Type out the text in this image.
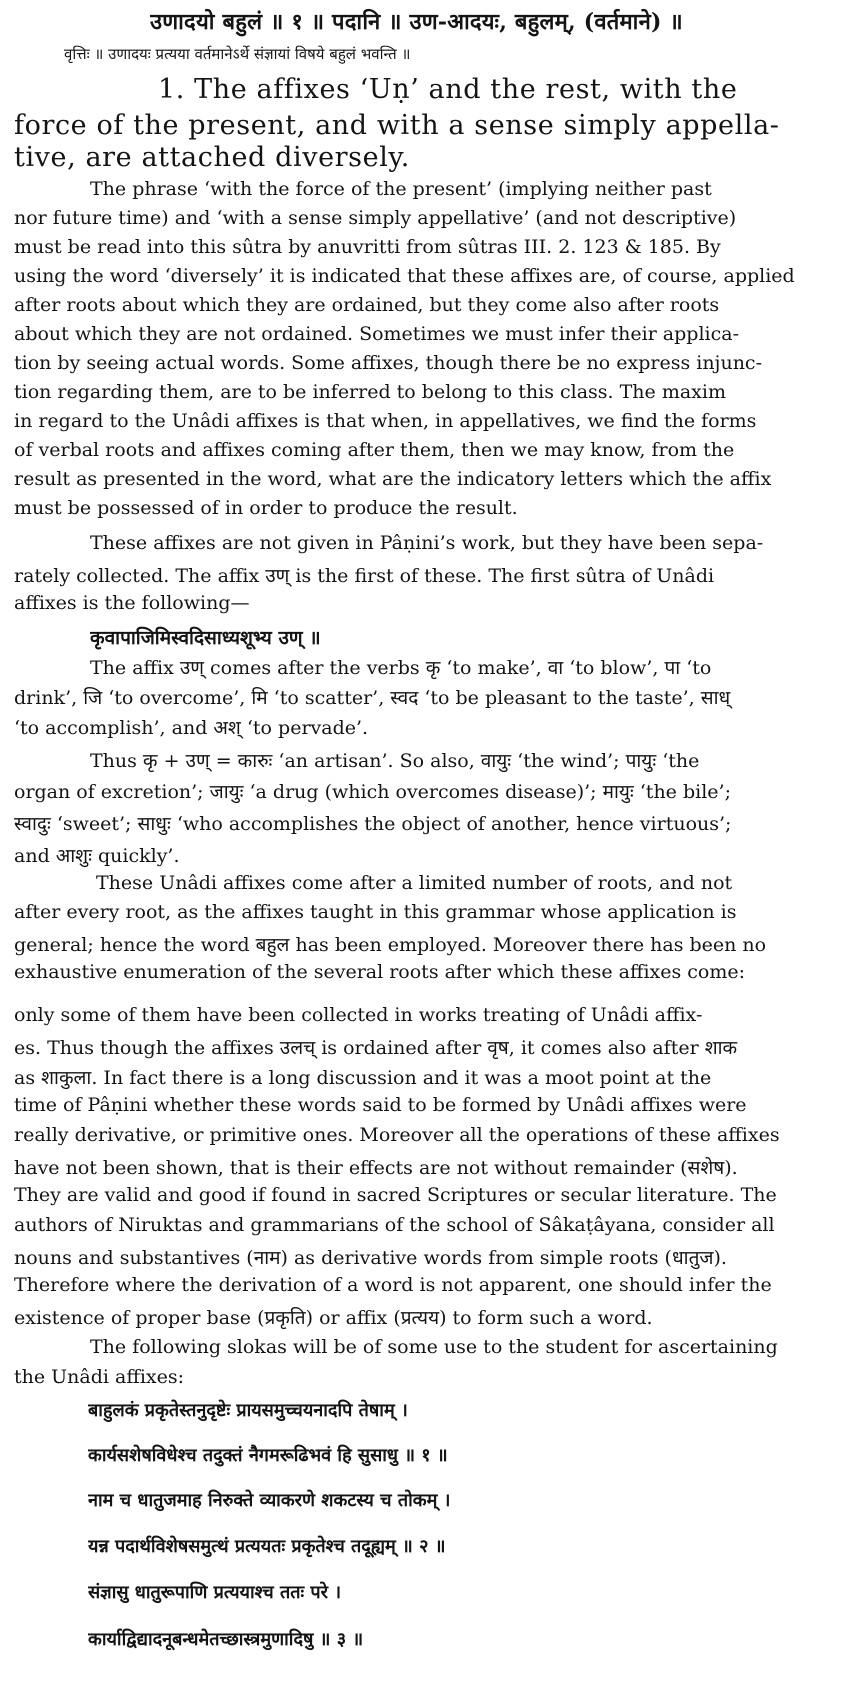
उणादयो बहुलं ॥ १ ॥ पदानि ॥ उण-आदयः, बहुलम्, (वर्तमाने) ॥
वृत्तिः ॥ उणादयः प्रत्यया वर्तमानेऽर्थे संज्ञायां विषये बहुलं भवन्ति ॥
1. The affixes ‘Uṇ’ and the rest, with the
force of the present, and with a sense simply appella-
tive, are attached diversely.
The phrase ‘with the force of the present’ (implying neither past
nor future time) and ‘with a sense simply appellative’ (and not descriptive)
must be read into this sûtra by anuvritti from sûtras III. 2. 123 & 185. By
using the word ‘diversely’ it is indicated that these affixes are, of course, applied
after roots about which they are ordained, but they come also after roots
about which they are not ordained. Sometimes we must infer their applica-
tion by seeing actual words. Some affixes, though there be no express injunc-
tion regarding them, are to be inferred to belong to this class. The maxim
in regard to the Unâdi affixes is that when, in appellatives, we find the forms
of verbal roots and affixes coming after them, then we may know, from the
result as presented in the word, what are the indicatory letters which the affix
must be possessed of in order to produce the result.
These affixes are not given in Pâṇini’s work, but they have been sepa-
rately collected. The affix उण् is the first of these. The first sûtra of Unâdi
affixes is the following—
कृवापाजिमिस्वदिसाध्यशूभ्य उण् ॥
The affix उण् comes after the verbs कृ ‘to make’, वा ‘to blow’, पा ‘to
drink’, जि ‘to overcome’, मि ‘to scatter’, स्वद ‘to be pleasant to the taste’, साध्
‘to accomplish’, and अश् ‘to pervade’.
Thus कृ + उण् = कारुः ‘an artisan’. So also, वायुः ‘the wind’; पायुः ‘the
organ of excretion’; जायुः ‘a drug (which overcomes disease)’; मायुः ‘the bile’;
स्वादुः ‘sweet’; साधुः ‘who accomplishes the object of another, hence virtuous’;
and आशुः quickly’.
These Unâdi affixes come after a limited number of roots, and not
after every root, as the affixes taught in this grammar whose application is
general; hence the word बहुल has been employed. Moreover there has been no
exhaustive enumeration of the several roots after which these affixes come:
only some of them have been collected in works treating of Unâdi affix-
es. Thus though the affixes उलच् is ordained after वृष, it comes also after शाक
as शाकुला. In fact there is a long discussion and it was a moot point at the
time of Pâṇini whether these words said to be formed by Unâdi affixes were
really derivative, or primitive ones. Moreover all the operations of these affixes
have not been shown, that is their effects are not without remainder (सशेष).
They are valid and good if found in sacred Scriptures or secular literature. The
authors of Niruktas and grammarians of the school of Sâkaṭâyana, consider all
nouns and substantives (नाम) as derivative words from simple roots (धातुज).
Therefore where the derivation of a word is not apparent, one should infer the
existence of proper base (प्रकृति) or affix (प्रत्यय) to form such a word.
The following slokas will be of some use to the student for ascertaining
the Unâdi affixes:
बाहुलकं प्रकृतेस्तनुदृष्टेः प्रायसमुच्चयनादपि तेषाम् ।
कार्यसशेषविधेश्च तदुक्तं नैगमरूढिभवं हि सुसाधु ॥ १ ॥
नाम च धातुजमाह निरुक्ते व्याकरणे शकटस्य च तोकम् ।
यन्न पदार्थविशेषसमुत्थं प्रत्ययतः प्रकृतेश्च तदूह्यम् ॥ २ ॥
संज्ञासु धातुरूपाणि प्रत्ययाश्च ततः परे ।
कार्याद्विद्यादनूबन्धमेतच्छास्त्रमुणादिषु ॥ ३ ॥
